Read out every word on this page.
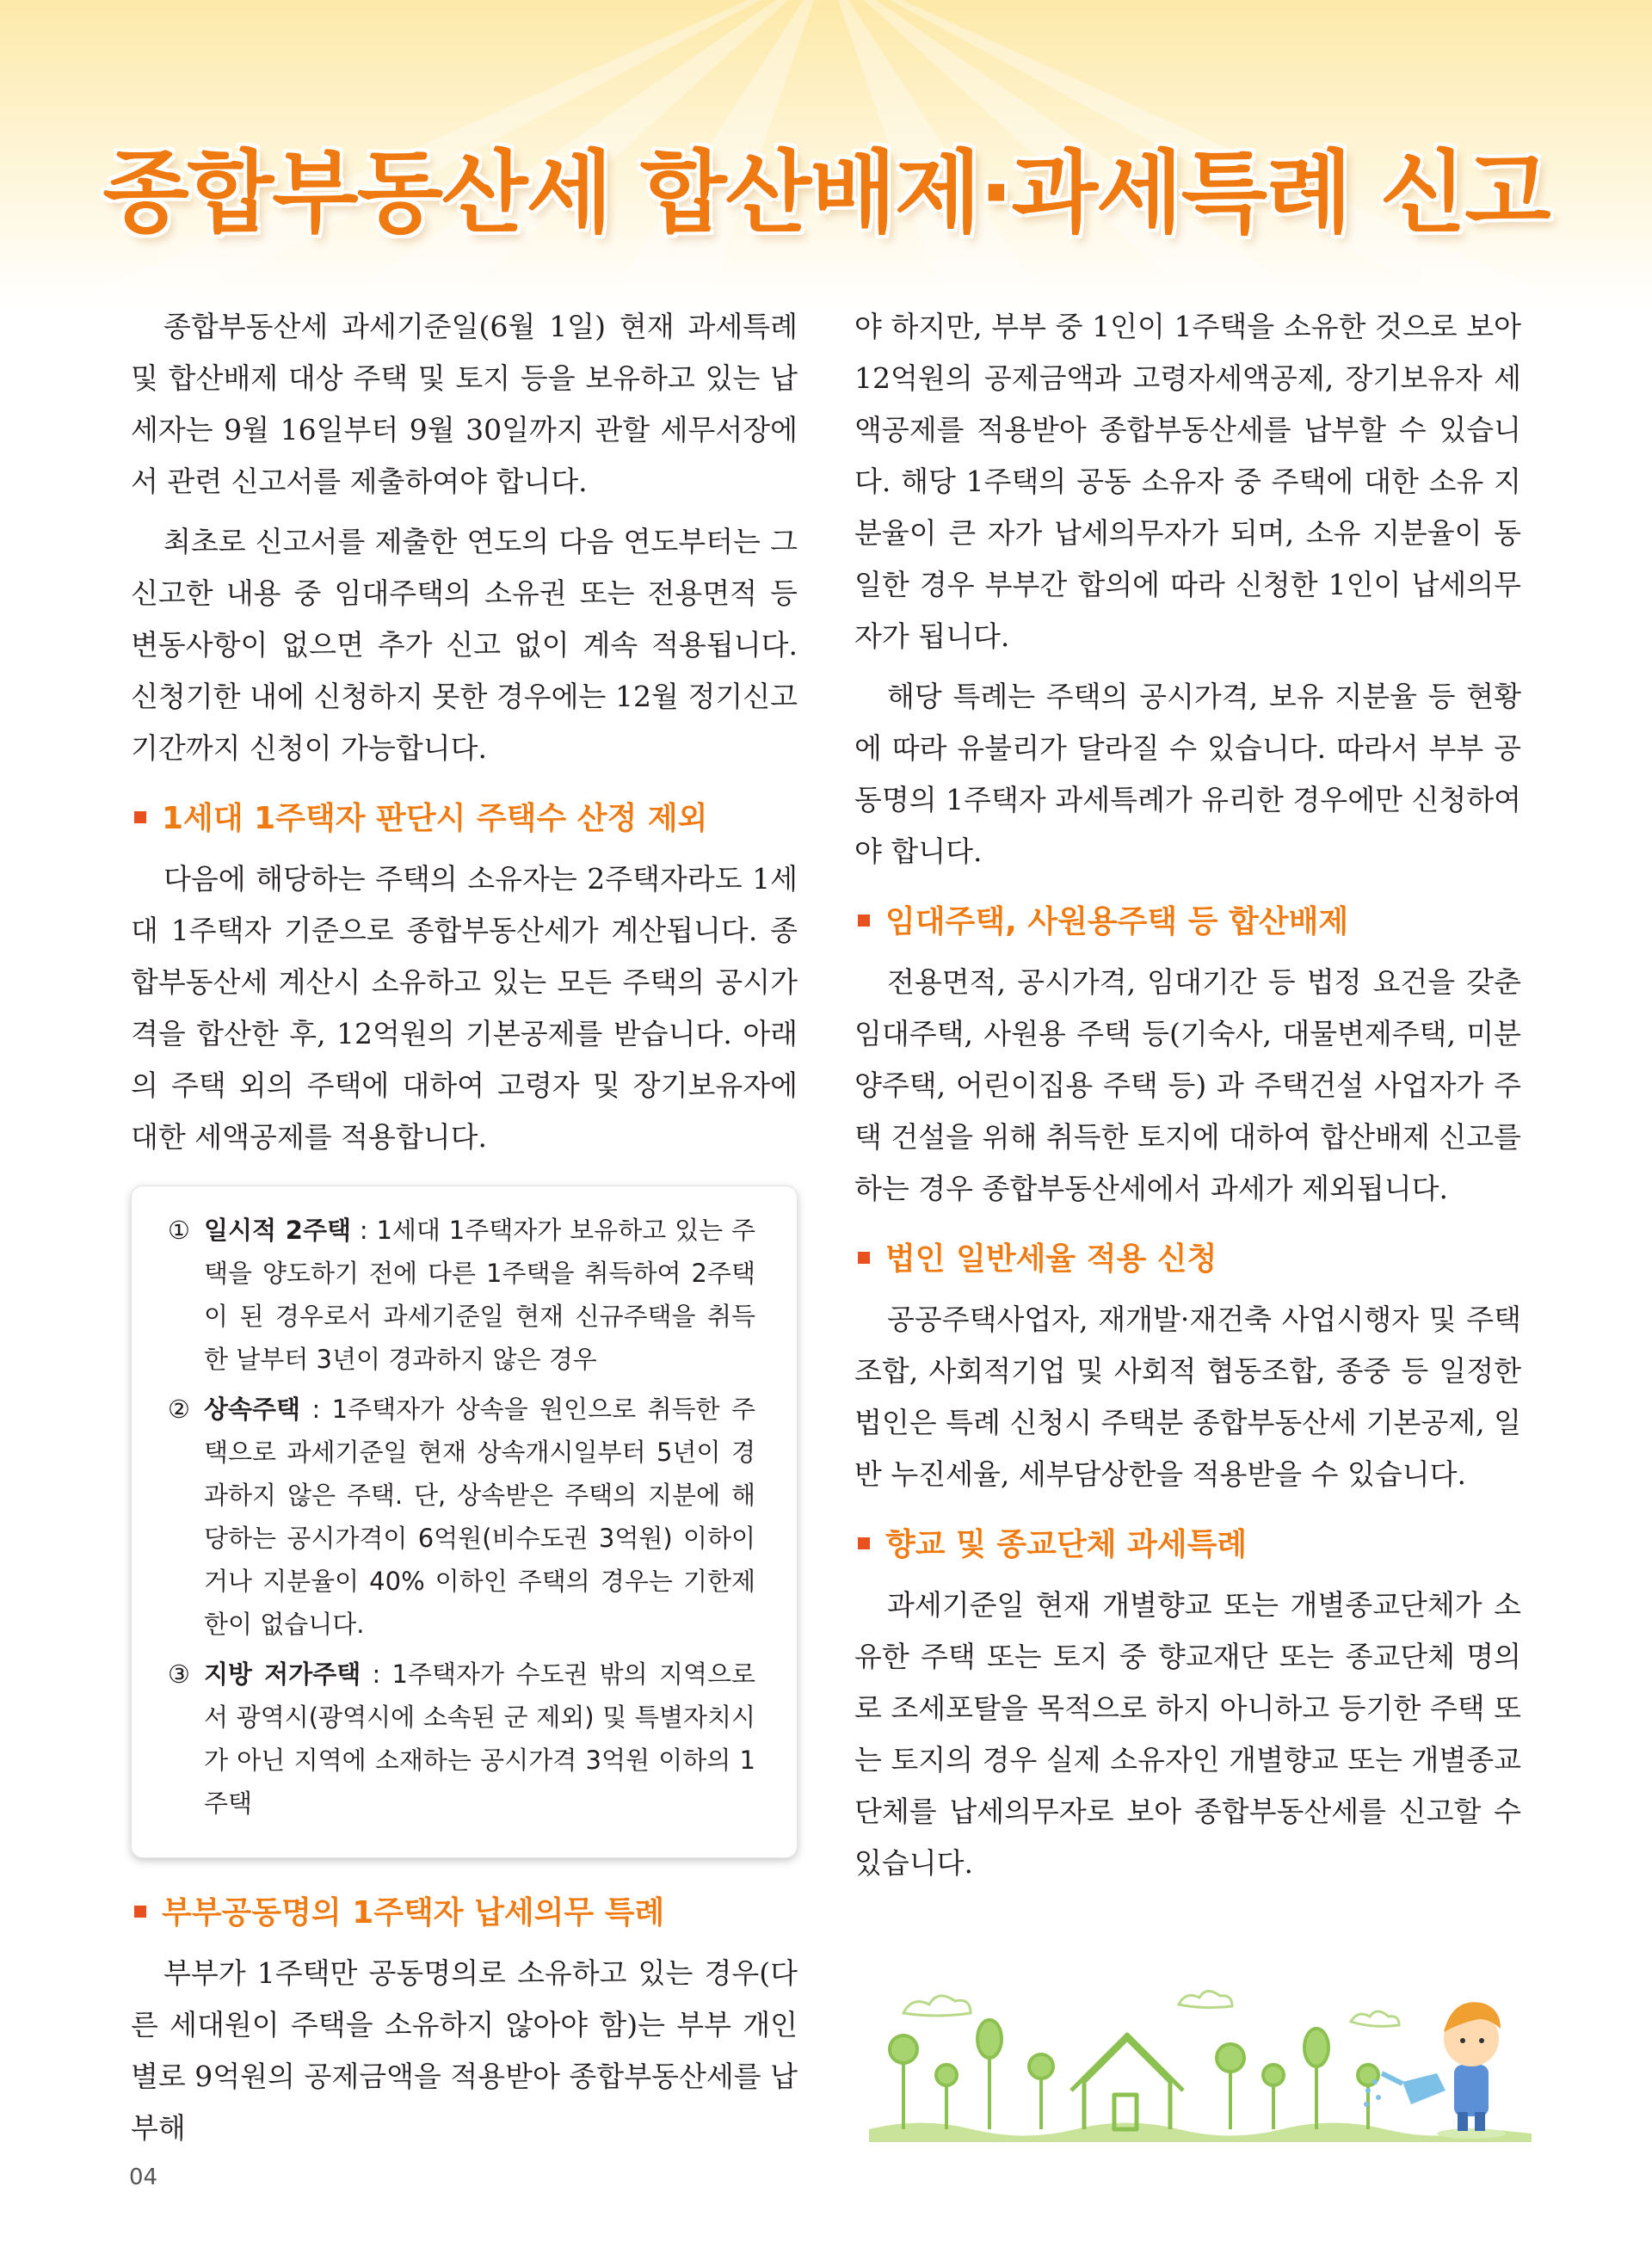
종합부동산세 합산배제·과세특례 신고

종합부동산세 과세기준일(6월 1일) 현재 과세특례 및 합산배제 대상 주택 및 토지 등을 보유하고 있는 납세자는 9월 16일부터 9월 30일까지 관할 세무서장에서 관련 신고서를 제출하여야 합니다.

최초로 신고서를 제출한 연도의 다음 연도부터는 그 신고한 내용 중 임대주택의 소유권 또는 전용면적 등 변동사항이 없으면 추가 신고 없이 계속 적용됩니다. 신청기한 내에 신청하지 못한 경우에는 12월 정기신고 기간까지 신청이 가능합니다.

1세대 1주택자 판단시 주택수 산정 제외

다음에 해당하는 주택의 소유자는 2주택자라도 1세대 1주택자 기준으로 종합부동산세가 계산됩니다. 종합부동산세 계산시 소유하고 있는 모든 주택의 공시가격을 합산한 후, 12억원의 기본공제를 받습니다. 아래의 주택 외의 주택에 대하여 고령자 및 장기보유자에 대한 세액공제를 적용합니다.

① 일시적 2주택 : 1세대 1주택자가 보유하고 있는 주택을 양도하기 전에 다른 1주택을 취득하여 2주택이 된 경우로서 과세기준일 현재 신규주택을 취득한 날부터 3년이 경과하지 않은 경우
② 상속주택 : 1주택자가 상속을 원인으로 취득한 주택으로 과세기준일 현재 상속개시일부터 5년이 경과하지 않은 주택. 단, 상속받은 주택의 지분에 해당하는 공시가격이 6억원(비수도권 3억원) 이하이거나 지분율이 40% 이하인 주택의 경우는 기한제한이 없습니다.
③ 지방 저가주택 : 1주택자가 수도권 밖의 지역으로서 광역시(광역시에 소속된 군 제외) 및 특별자치시가 아닌 지역에 소재하는 공시가격 3억원 이하의 1주택
부부공동명의 1주택자 납세의무 특례

부부가 1주택만 공동명의로 소유하고 있는 경우(다른 세대원이 주택을 소유하지 않아야 함)는 부부 개인별로 9억원의 공제금액을 적용받아 종합부동산세를 납부해

야 하지만, 부부 중 1인이 1주택을 소유한 것으로 보아 12억원의 공제금액과 고령자세액공제, 장기보유자 세액공제를 적용받아 종합부동산세를 납부할 수 있습니다. 해당 1주택의 공동 소유자 중 주택에 대한 소유 지분율이 큰 자가 납세의무자가 되며, 소유 지분율이 동일한 경우 부부간 합의에 따라 신청한 1인이 납세의무자가 됩니다.

해당 특례는 주택의 공시가격, 보유 지분율 등 현황에 따라 유불리가 달라질 수 있습니다. 따라서 부부 공동명의 1주택자 과세특례가 유리한 경우에만 신청하여야 합니다.

임대주택, 사원용주택 등 합산배제

전용면적, 공시가격, 임대기간 등 법정 요건을 갖춘 임대주택, 사원용 주택 등(기숙사, 대물변제주택, 미분양주택, 어린이집용 주택 등) 과 주택건설 사업자가 주택 건설을 위해 취득한 토지에 대하여 합산배제 신고를 하는 경우 종합부동산세에서 과세가 제외됩니다.

법인 일반세율 적용 신청

공공주택사업자, 재개발·재건축 사업시행자 및 주택조합, 사회적기업 및 사회적 협동조합, 종중 등 일정한 법인은 특례 신청시 주택분 종합부동산세 기본공제, 일반 누진세율, 세부담상한을 적용받을 수 있습니다.

향교 및 종교단체 과세특례

과세기준일 현재 개별향교 또는 개별종교단체가 소유한 주택 또는 토지 중 향교재단 또는 종교단체 명의로 조세포탈을 목적으로 하지 아니하고 등기한 주택 또는 토지의 경우 실제 소유자인 개별향교 또는 개별종교단체를 납세의무자로 보아 종합부동산세를 신고할 수 있습니다.

04
